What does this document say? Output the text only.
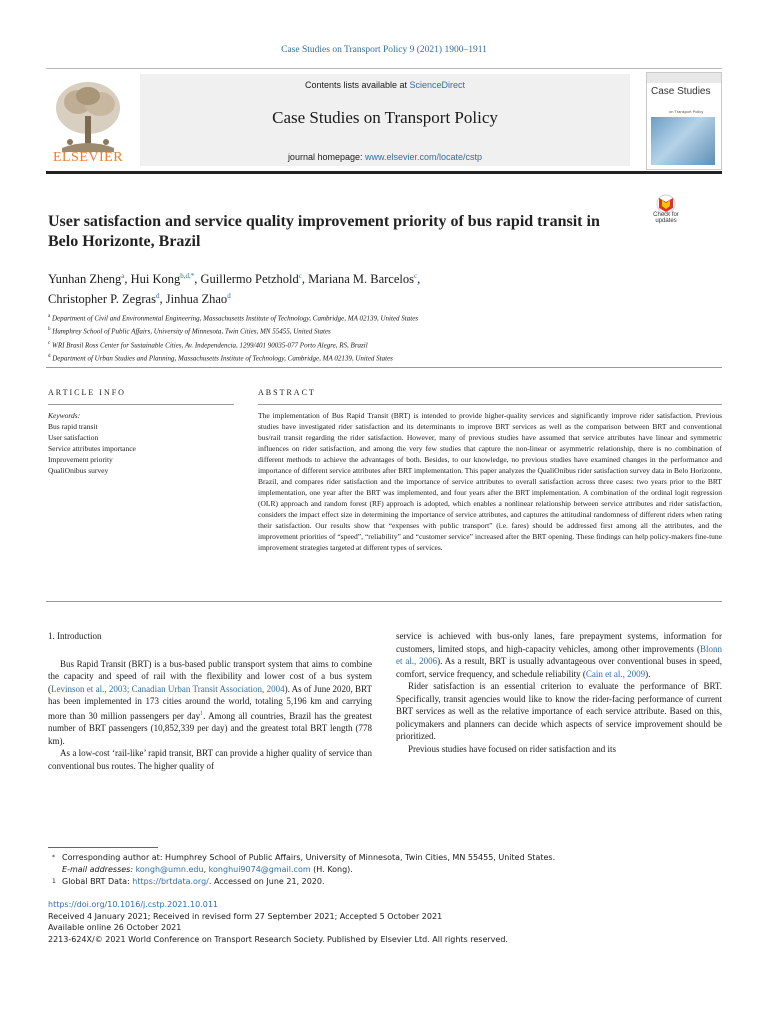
Case Studies on Transport Policy 9 (2021) 1900–1911
ELSEVIER
Contents lists available at ScienceDirect
Case Studies on Transport Policy
journal homepage: www.elsevier.com/locate/cstp
Case Studies
on Transport Policy
Check for updates
User satisfaction and service quality improvement priority of bus rapid transit in Belo Horizonte, Brazil
Yunhan Zheng$^a$, Hui Kong$^{b,d,*}$, Guillermo Petzhold$^c$, Mariana M. Barcelos$^c$,
Christopher P. Zegras$^d$, Jinhua Zhao$^d$
$^a$ Department of Civil and Environmental Engineering, Massachusetts Institute of Technology, Cambridge, MA 02139, United States
$^b$ Humphrey School of Public Affairs, University of Minnesota, Twin Cities, MN 55455, United States
$^c$ WRI Brasil Ross Center for Sustainable Cities, Av. Independencia, 1299/401 90035-077 Porto Alegre, RS, Brazil
$^d$ Department of Urban Studies and Planning, Massachusetts Institute of Technology, Cambridge, MA 02139, United States
ARTICLE INFO
Keywords:
Bus rapid transit
User satisfaction
Service attributes importance
Improvement priority
QualiOnibus survey
ABSTRACT
The implementation of Bus Rapid Transit (BRT) is intended to provide higher-quality services and significantly improve rider satisfaction. Previous studies have investigated rider satisfaction and its determinants to improve BRT services as well as the comparison between BRT and conventional bus/rail transit regarding the rider satisfaction. However, many of previous studies have assumed that service attributes have linear and symmetric influences on rider satisfaction, and among the very few studies that capture the non-linear or asymmetric relationship, there is no combination of different methods to achieve the advantages of both. Besides, to our knowledge, no previous studies have examined changes in the performance and importance of different service attributes after BRT implementation. This paper analyzes the QualiOnibus rider satisfaction survey data in Belo Horizonte, Brazil, and compares rider satisfaction and the importance of service attributes to overall satisfaction across three cases: two years prior to the BRT implementation, one year after the BRT was implemented, and four years after the BRT implementation. A combination of the ordinal logit regression (OLR) approach and random forest (RF) approach is adopted, which enables a nonlinear relationship between service attributes and rider satisfaction, considers the impact effect size in determining the importance of service attributes, and captures the attitudinal randomness of different riders when rating their satisfaction. Our results show that “expenses with public transport” (i.e. fares) should be addressed first among all the attributes, and the improvement priorities of “speed”, “reliability” and “customer service” increased after the BRT opening. These findings can help policy-makers fine-tune improvement strategies targeted at different types of services.
1. Introduction

Bus Rapid Transit (BRT) is a bus-based public transport system that aims to combine the capacity and speed of rail with the flexibility and lower cost of a bus system (Levinson et al., 2003; Canadian Urban Transit Association, 2004). As of June 2020, BRT has been implemented in 173 cities around the world, totaling 5,196 km and carrying more than 30 million passengers per day$^1$. Among all countries, Brazil has the greatest number of BRT passengers (10,852,339 per day) and the greatest total BRT length (778 km).

As a low-cost ‘rail-like’ rapid transit, BRT can provide a higher quality of service than conventional bus routes. The higher quality of

service is achieved with bus-only lanes, fare prepayment systems, information for customers, limited stops, and high-capacity vehicles, among other improvements (Blonn et al., 2006). As a result, BRT is usually advantageous over conventional buses in speed, comfort, service frequency, and schedule reliability (Cain et al., 2009).

Rider satisfaction is an essential criterion to evaluate the performance of BRT. Specifically, transit agencies would like to know the rider-facing performance of current BRT services as well as the relative importance of each service attribute. Based on this, policymakers and planners can decide which aspects of service improvement should be prioritized.

Previous studies have focused on rider satisfaction and its

* Corresponding author at: Humphrey School of Public Affairs, University of Minnesota, Twin Cities, MN 55455, United States.
E-mail addresses: kongh@umn.edu, konghui9074@gmail.com (H. Kong).
1 Global BRT Data: https://brtdata.org/. Accessed on June 21, 2020.
https://doi.org/10.1016/j.cstp.2021.10.011
Received 4 January 2021; Received in revised form 27 September 2021; Accepted 5 October 2021
Available online 26 October 2021
2213-624X/© 2021 World Conference on Transport Research Society. Published by Elsevier Ltd. All rights reserved.
